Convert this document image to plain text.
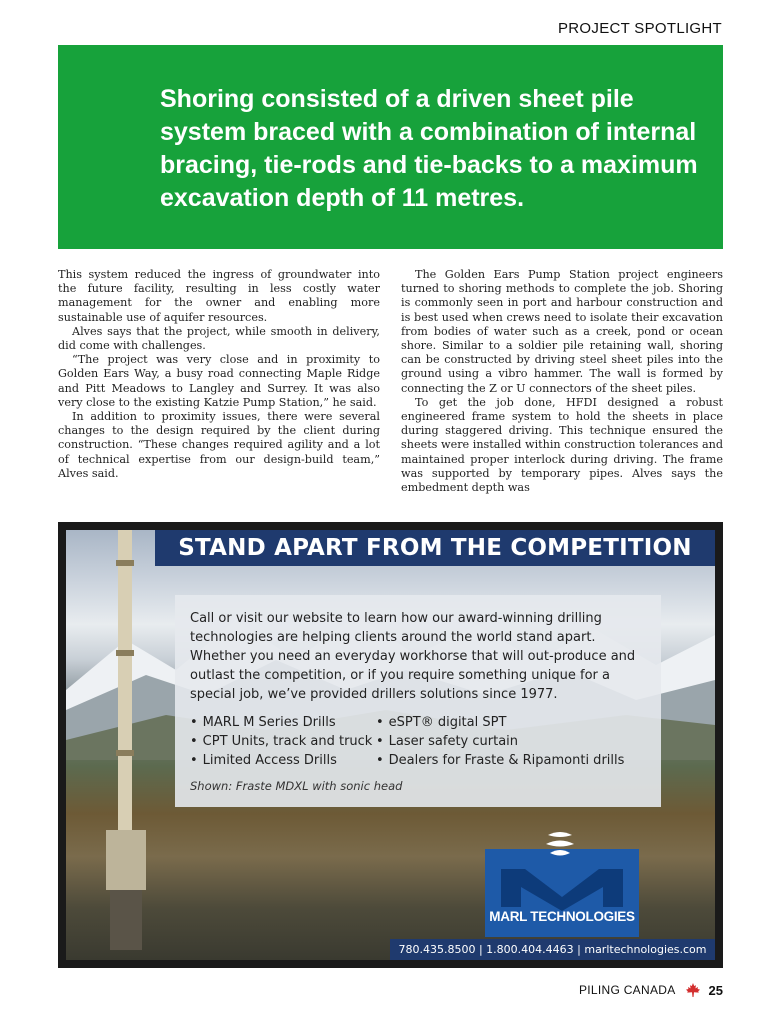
PROJECT SPOTLIGHT
Shoring consisted of a driven sheet pile system braced with a combination of internal bracing, tie-rods and tie-backs to a maximum excavation depth of 11 metres.

This system reduced the ingress of groundwater into the future facility, resulting in less costly water management for the owner and enabling more sustainable use of aquifer resources.

Alves says that the project, while smooth in delivery, did come with challenges.

“The project was very close and in proximity to Golden Ears Way, a busy road connecting Maple Ridge and Pitt Meadows to Langley and Surrey. It was also very close to the existing Katzie Pump Station,” he said.

In addition to proximity issues, there were several changes to the design required by the client during construction. “These changes required agility and a lot of technical expertise from our design-build team,” Alves said.

The Golden Ears Pump Station project engineers turned to shoring methods to complete the job. Shoring is commonly seen in port and harbour construction and is best used when crews need to isolate their excavation from bodies of water such as a creek, pond or ocean shore. Similar to a soldier pile retaining wall, shoring can be constructed by driving steel sheet piles into the ground using a vibro hammer. The wall is formed by connecting the Z or U connectors of the sheet piles.

To get the job done, HFDI designed a robust engineered frame system to hold the sheets in place during staggered driving. This technique ensured the sheets were installed within construction tolerances and maintained proper interlock during driving. The frame was supported by temporary pipes. Alves says the embedment depth was

STAND APART FROM THE COMPETITION

Call or visit our website to learn how our award-winning drilling technologies are helping clients around the world stand apart. Whether you need an everyday workhorse that will out-produce and outlast the competition, or if you require something unique for a special job, we’ve provided drillers solutions since 1977.

• MARL M Series Drills
• CPT Units, track and truck
• Limited Access Drills
• eSPT® digital SPT
• Laser safety curtain
• Dealers for Fraste & Ripamonti drills

Shown: Fraste MDXL with sonic head

MARL TECHNOLOGIES
780.435.8500 | 1.800.404.4463 | marltechnologies.com
PILING CANADA	25
